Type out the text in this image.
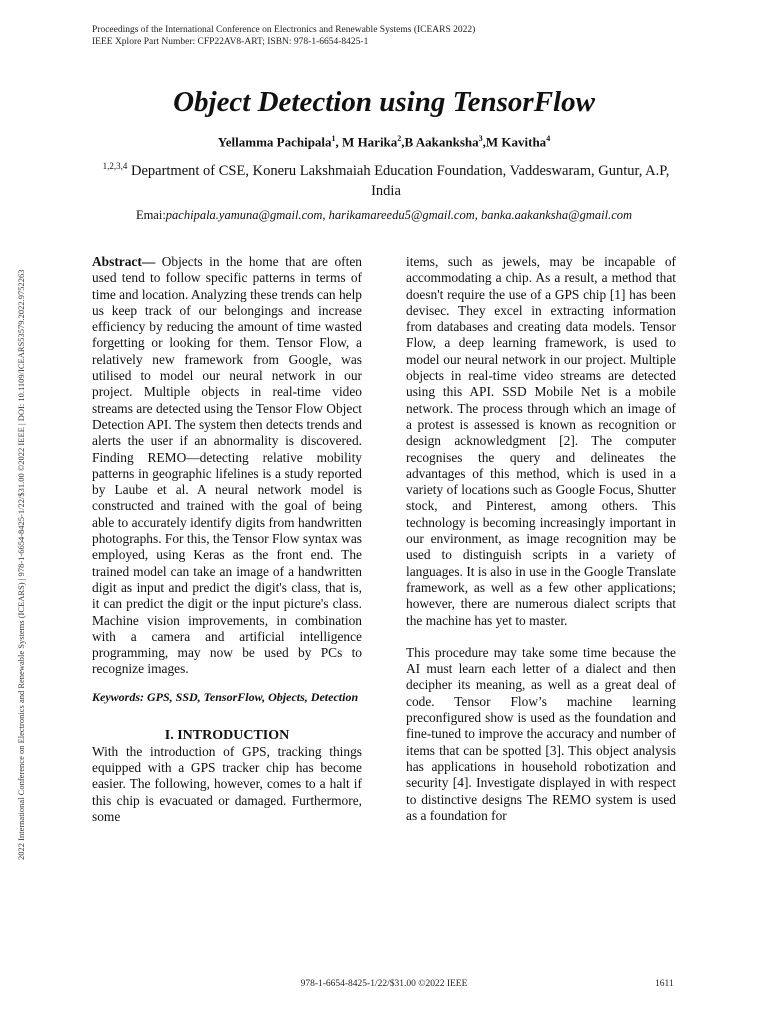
Proceedings of the International Conference on Electronics and Renewable Systems (ICEARS 2022)
IEEE Xplore Part Number: CFP22AV8-ART; ISBN: 978-1-6654-8425-1
2022 International Conference on Electronics and Renewable Systems (ICEARS) | 978-1-6654-8425-1/22/$31.00 ©2022 IEEE | DOI: 10.1109/ICEARS53579.2022.9752263
Object Detection using TensorFlow
Yellamma Pachipala$^1$, M Harika$^2$,B Aakanksha$^3$,M Kavitha$^4$
$^{1,2,3,4}$ Department of CSE, Koneru Lakshmaiah Education Foundation, Vaddeswaram, Guntur, A.P, India
Emai:pachipala.yamuna@gmail.com, harikamareedu5@gmail.com, banka.aakanksha@gmail.com

Abstract— Objects in the home that are often used tend to follow specific patterns in terms of time and location. Analyzing these trends can help us keep track of our belongings and increase efficiency by reducing the amount of time wasted forgetting or looking for them. Tensor Flow, a relatively new framework from Google, was utilised to model our neural network in our project. Multiple objects in real-time video streams are detected using the Tensor Flow Object Detection API. The system then detects trends and alerts the user if an abnormality is discovered. Finding REMO—detecting relative mobility patterns in geographic lifelines is a study reported by Laube et al. A neural network model is constructed and trained with the goal of being able to accurately identify digits from handwritten photographs. For this, the Tensor Flow syntax was employed, using Keras as the front end. The trained model can take an image of a handwritten digit as input and predict the digit's class, that is, it can predict the digit or the input picture's class. Machine vision improvements, in combination with a camera and artificial intelligence programming, may now be used by PCs to recognize images.

Keywords: GPS, SSD, TensorFlow, Objects, Detection

I. INTRODUCTION

With the introduction of GPS, tracking things equipped with a GPS tracker chip has become easier. The following, however, comes to a halt if this chip is evacuated or damaged. Furthermore, some

items, such as jewels, may be incapable of accommodating a chip. As a result, a method that doesn't require the use of a GPS chip [1] has been devisec. They excel in extracting information from databases and creating data models. Tensor Flow, a deep learning framework, is used to model our neural network in our project. Multiple objects in real-time video streams are detected using this API. SSD Mobile Net is a mobile network. The process through which an image of a protest is assessed is known as recognition or design acknowledgment [2]. The computer recognises the query and delineates the advantages of this method, which is used in a variety of locations such as Google Focus, Shutter stock, and Pinterest, among others. This technology is becoming increasingly important in our environment, as image recognition may be used to distinguish scripts in a variety of languages. It is also in use in the Google Translate framework, as well as a few other applications; however, there are numerous dialect scripts that the machine has yet to master.

This procedure may take some time because the AI must learn each letter of a dialect and then decipher its meaning, as well as a great deal of code. Tensor Flow’s machine learning preconfigured show is used as the foundation and fine-tuned to improve the accuracy and number of items that can be spotted [3]. This object analysis has applications in household robotization and security [4]. Investigate displayed in with respect to distinctive designs The REMO system is used as a foundation for

978-1-6654-8425-1/22/$31.00 ©2022 IEEE	1611
